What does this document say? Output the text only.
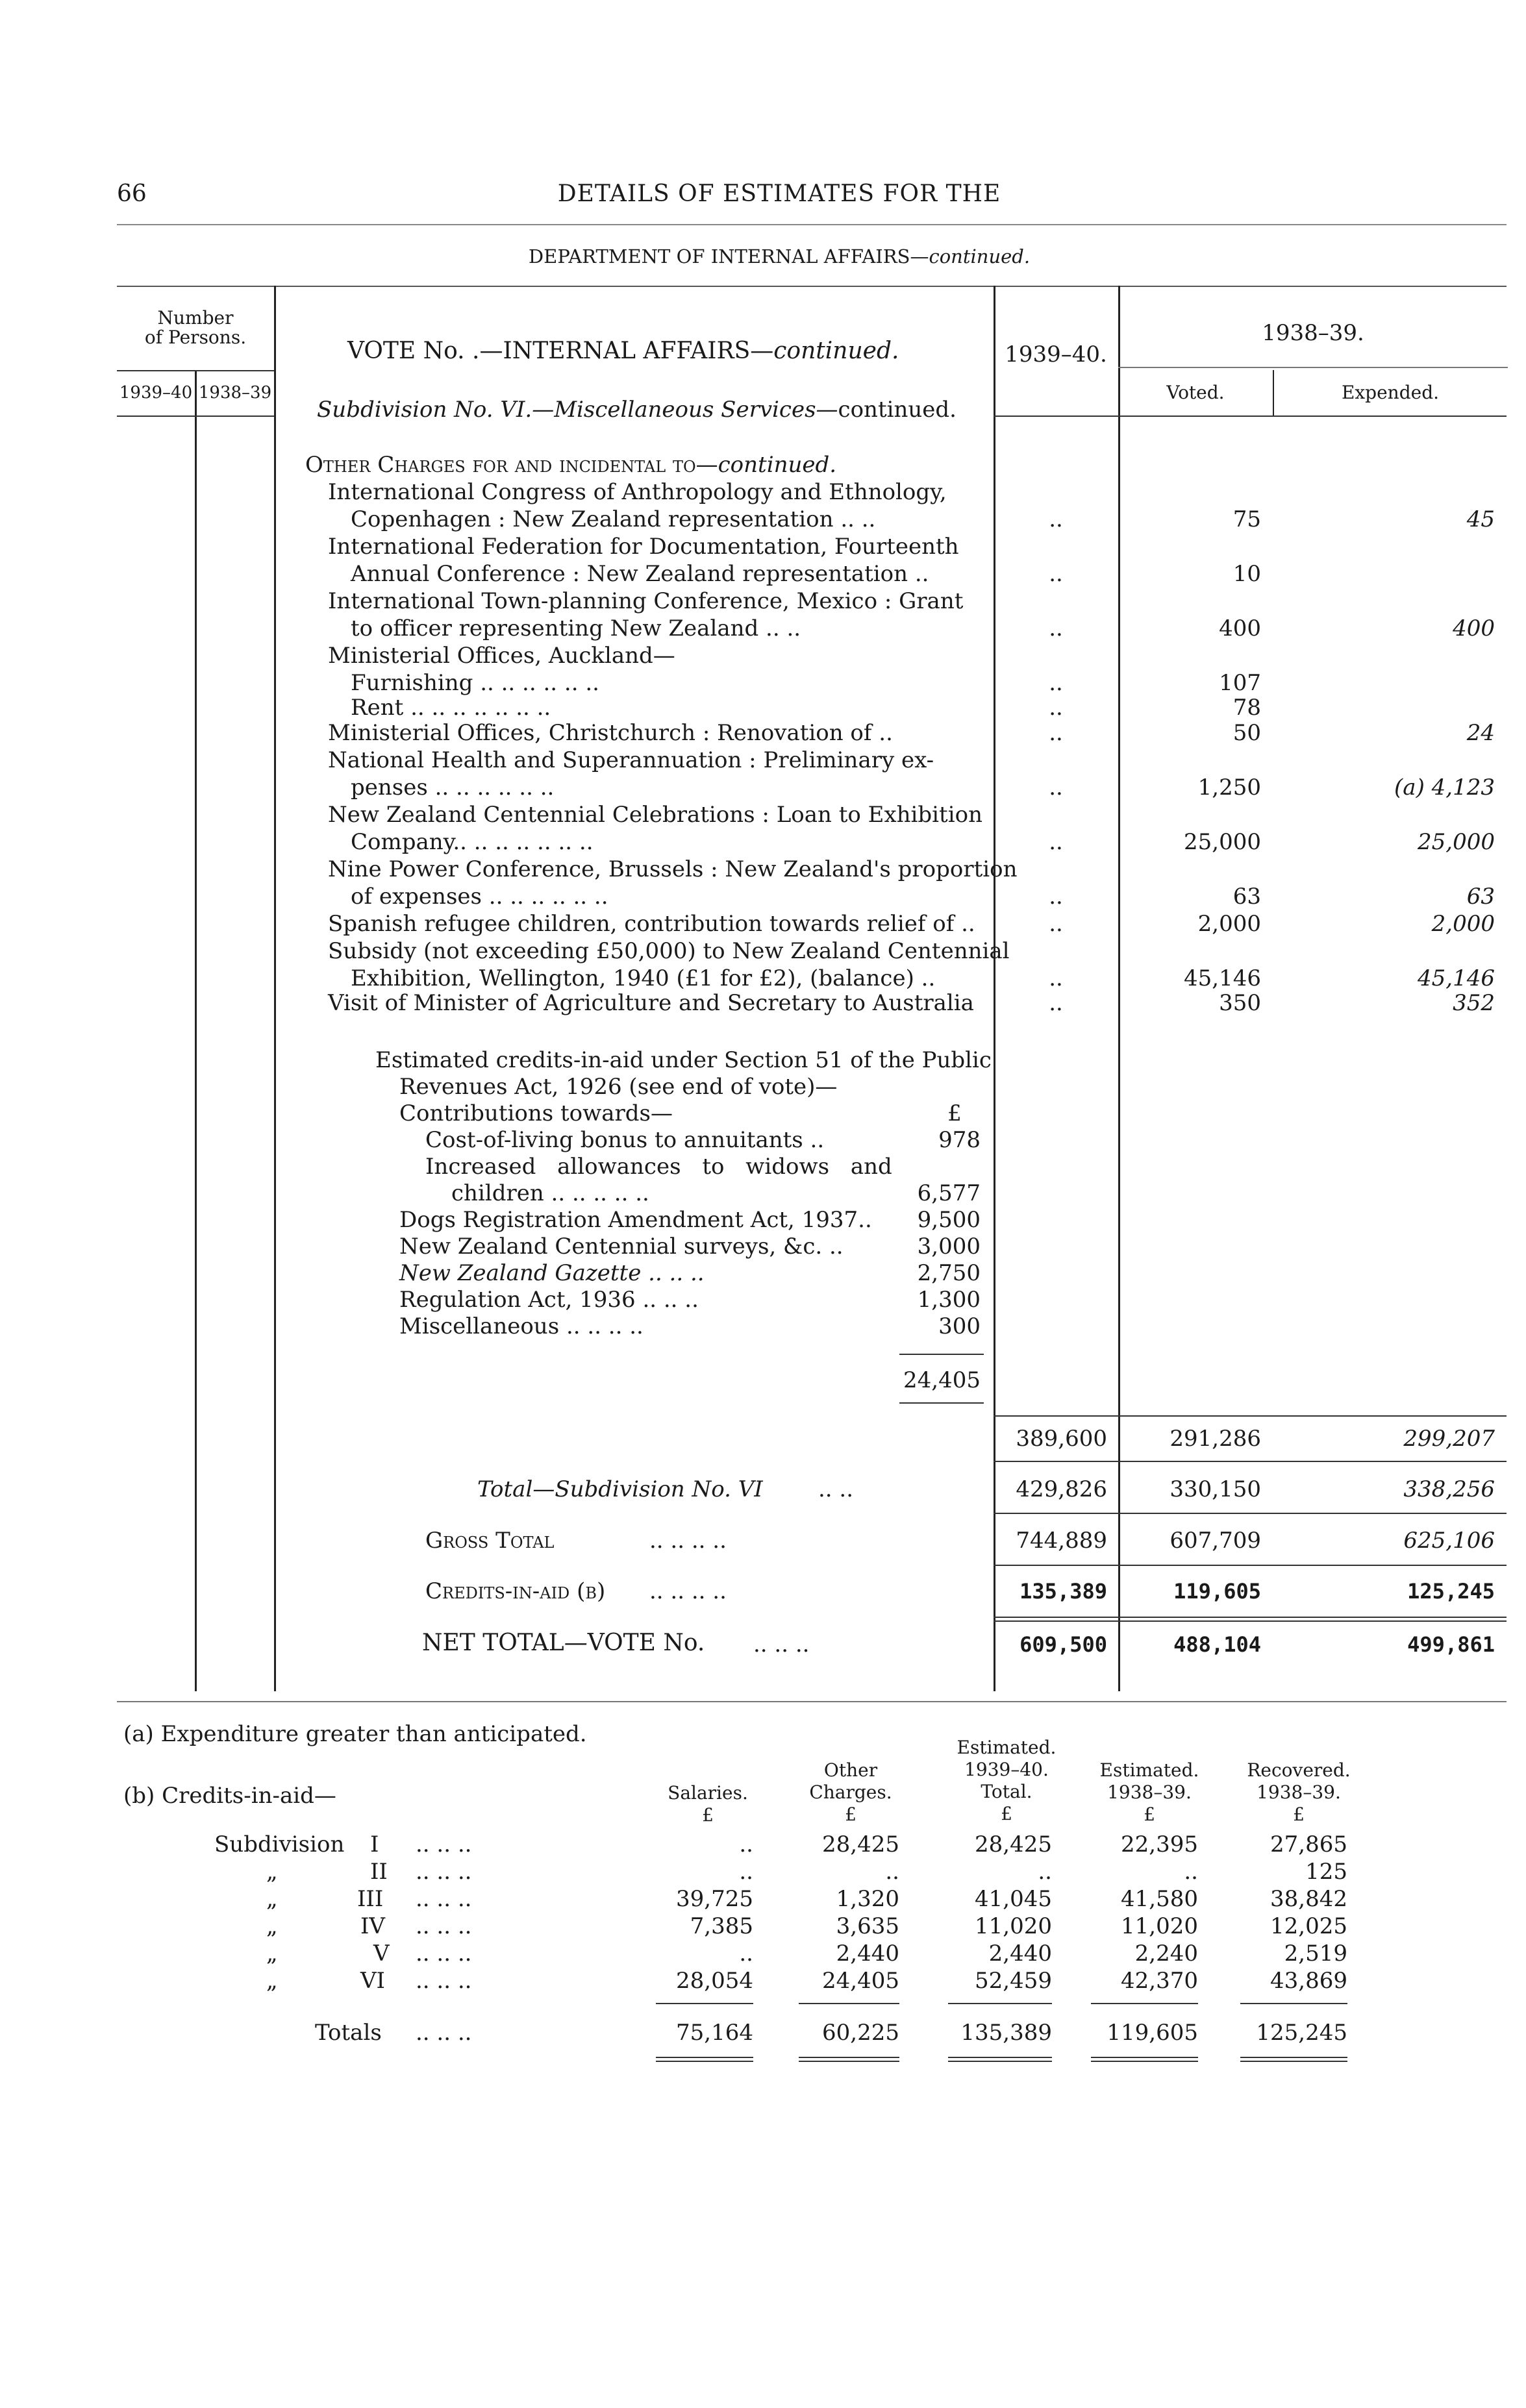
66	DETAILS OF ESTIMATES FOR THE
DEPARTMENT OF INTERNAL AFFAIRS—continued.
Number
of Persons.
1939–40 1938–39
VOTE No. .—INTERNAL AFFAIRS—continued.
Subdivision No. VI.—Miscellaneous Services—continued.
1939–40.
1938–39.
Voted.	Expended.
Other Charges for and incidental to—continued.
International Congress of Anthropology and Ethnology,
Copenhagen : New Zealand representation .. ..	..	75	45
International Federation for Documentation, Fourteenth
Annual Conference : New Zealand representation ..	..	10
International Town-planning Conference, Mexico : Grant
to officer representing New Zealand .. ..	..	400	400
Ministerial Offices, Auckland—
Furnishing .. .. .. .. .. ..	..	107
Rent .. .. .. .. .. .. ..	..	78
Ministerial Offices, Christchurch : Renovation of ..	..	50	24
National Health and Superannuation : Preliminary ex-
penses .. .. .. .. .. ..	..	1,250	(a) 4,123
New Zealand Centennial Celebrations : Loan to Exhibition
Company.. .. .. .. .. .. ..	..	25,000	25,000
Nine Power Conference, Brussels : New Zealand's proportion
of expenses .. .. .. .. .. ..	..	63	63
Spanish refugee children, contribution towards relief of ..	..	2,000	2,000
Subsidy (not exceeding £50,000) to New Zealand Centennial
Exhibition, Wellington, 1940 (£1 for £2), (balance) ..	..	45,146	45,146
Visit of Minister of Agriculture and Secretary to Australia	..	350	352
Estimated credits-in-aid under Section 51 of the Public
Revenues Act, 1926 (see end of vote)—
Contributions towards—	£
Cost-of-living bonus to annuitants ..	978
Increased allowances to widows and
children .. .. .. .. ..	6,577
Dogs Registration Amendment Act, 1937..	9,500
New Zealand Centennial surveys, &c. ..	3,000
New Zealand Gazette .. .. ..	2,750
Regulation Act, 1936 .. .. ..	1,300
Miscellaneous .. .. .. ..	300
24,405
389,600	291,286	299,207
Total—Subdivision No. VI	.. ..	429,826	330,150	338,256
Gross Total	.. .. .. ..	744,889	607,709	625,106
Credits-in-aid (b) .. .. .. ..	135,389	119,605	125,245
NET TOTAL—VOTE No. .. .. ..	609,500	488,104	499,861
(a) Expenditure greater than anticipated.
(b) Credits-in-aid—	Salaries.
£
Other
Charges.
£
Estimated.
1939–40.
Total.
£
Estimated.
1938–39.
£
Recovered.
1938–39.
£
Subdivision I .. .. ..	..	28,425	28,425	22,395	27,865
„	II .. .. ..	..	..	..	..	125
„	III .. .. ..	39,725	1,320	41,045	41,580	38,842
„	IV .. .. ..	7,385	3,635	11,020	11,020	12,025
„	V .. .. ..	..	2,440	2,440	2,240	2,519
„	VI .. .. ..	28,054	24,405	52,459	42,370	43,869
Totals .. .. ..	75,164	60,225	135,389	119,605	125,245
